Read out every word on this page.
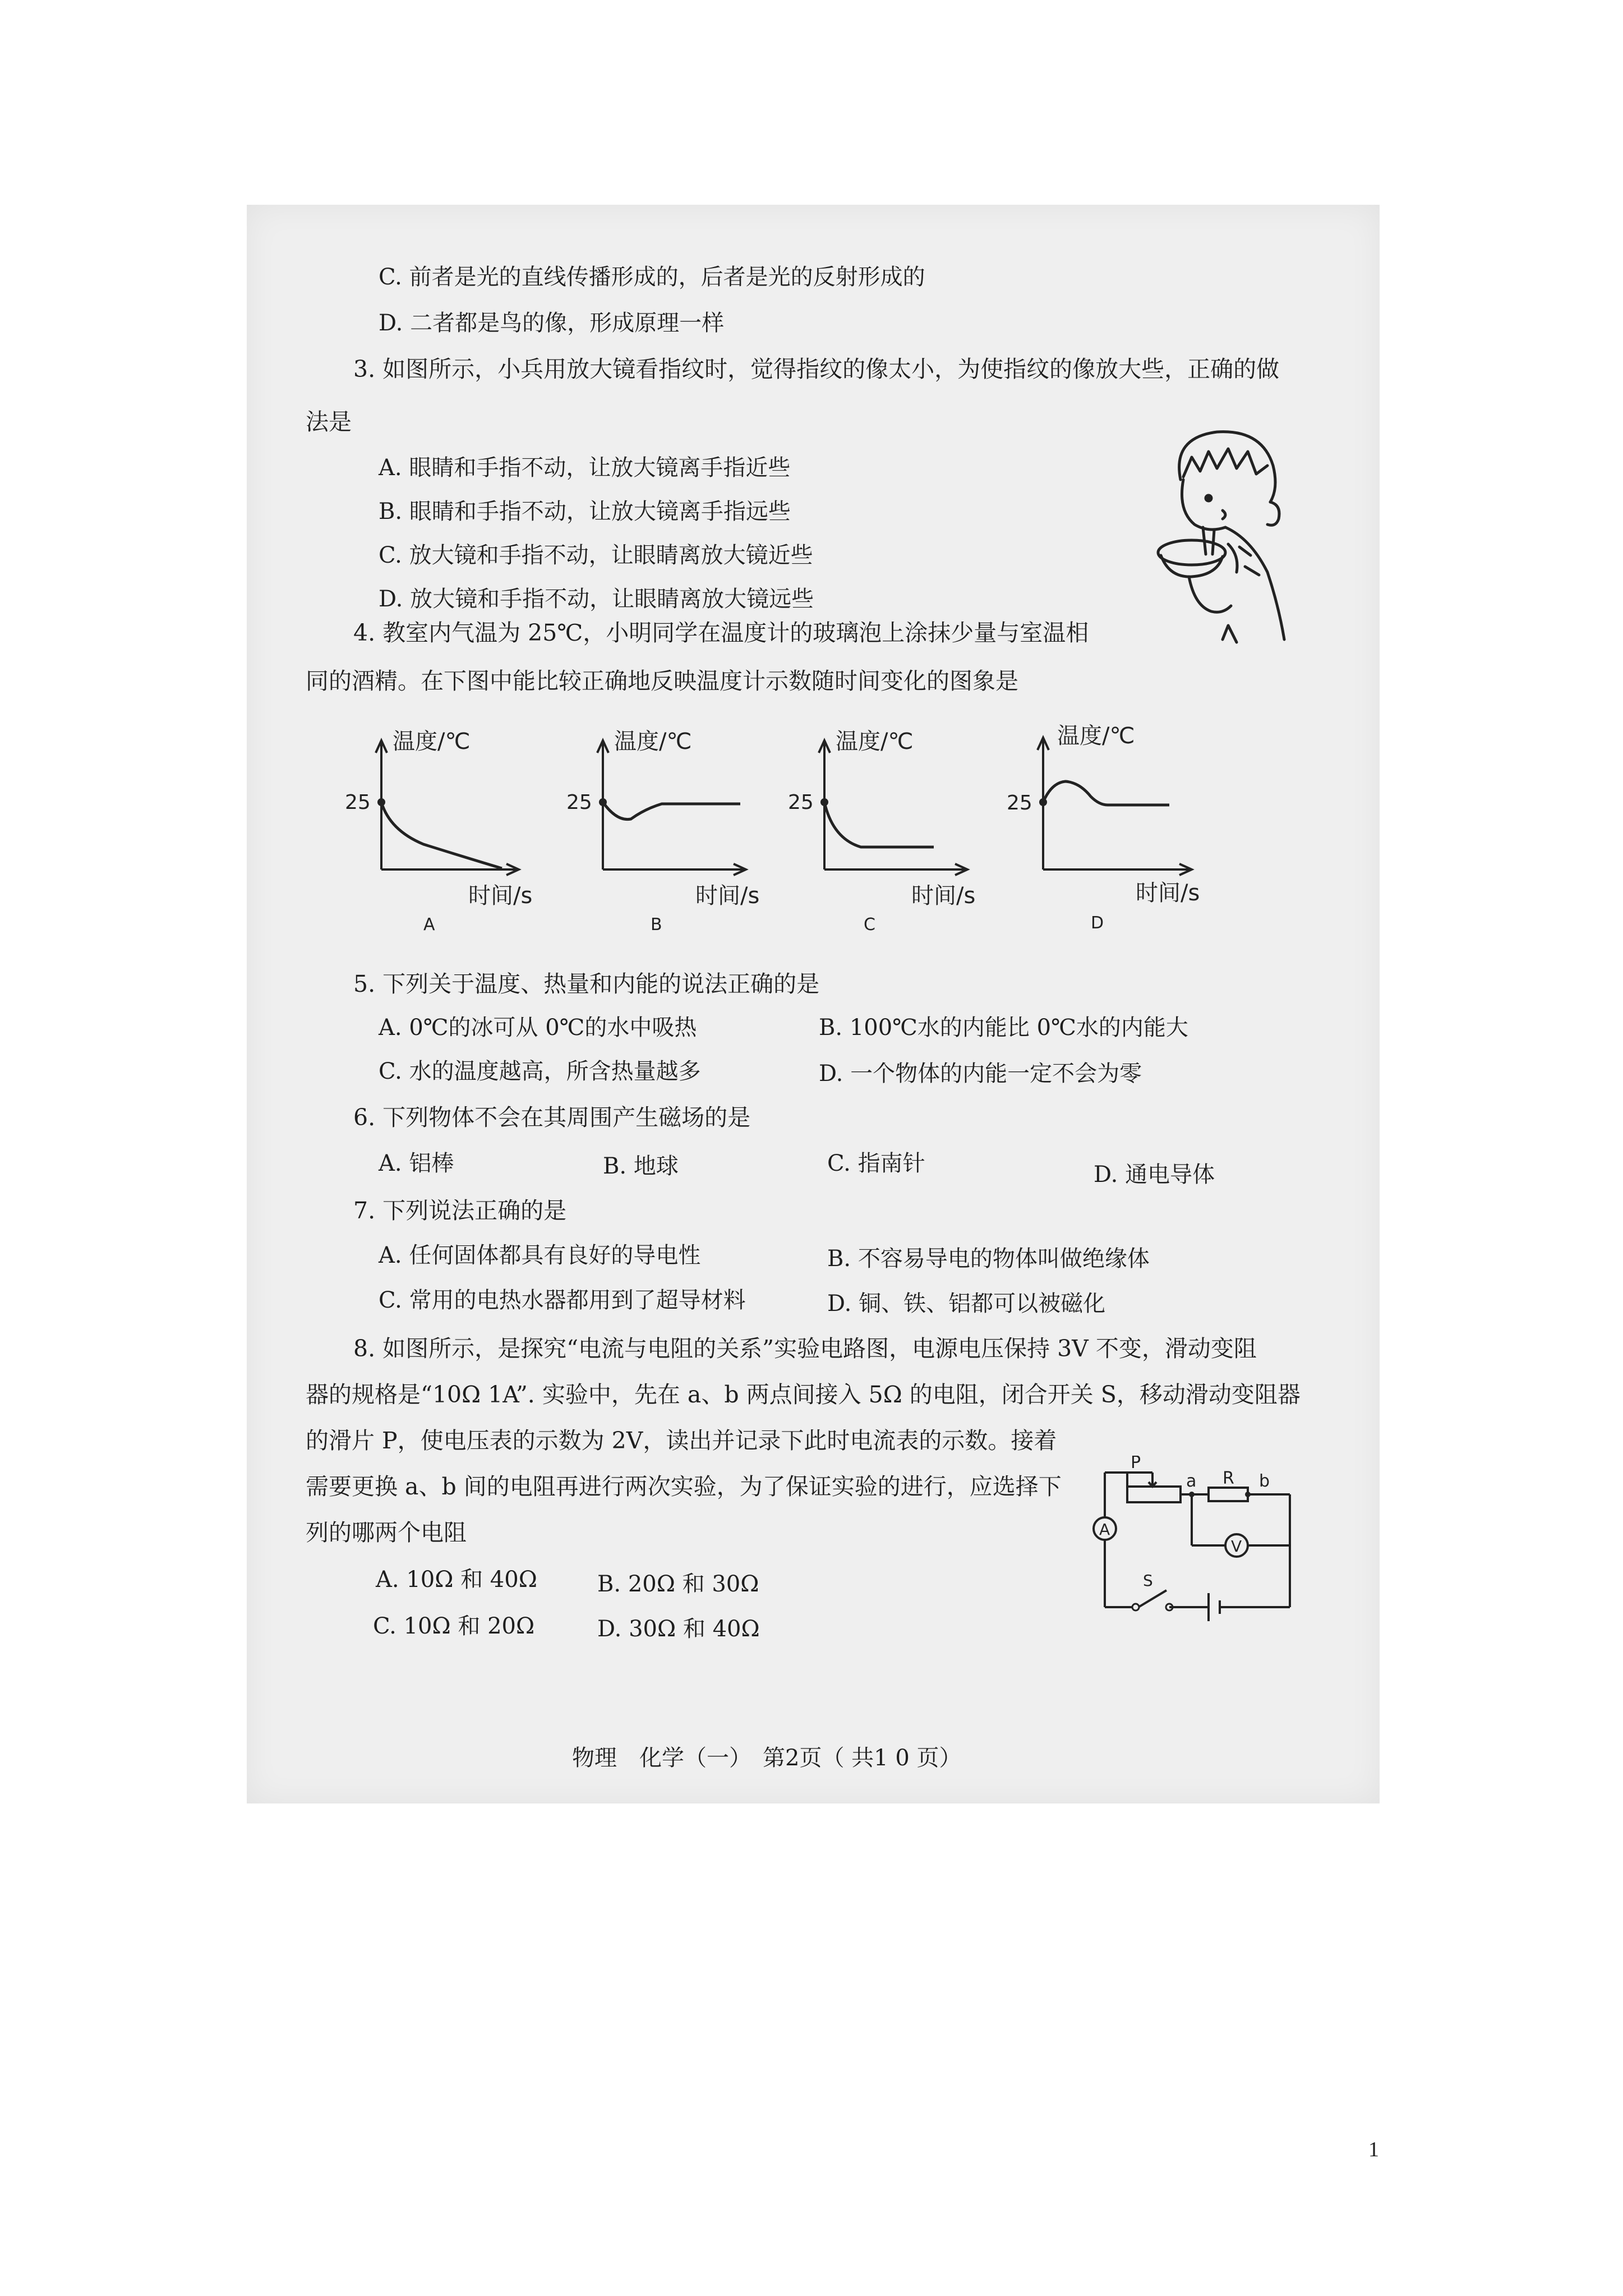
C. 前者是光的直线传播形成的，后者是光的反射形成的
D. 二者都是鸟的像，形成原理一样
3. 如图所示，小兵用放大镜看指纹时，觉得指纹的像太小，为使指纹的像放大些，正确的做
法是
A. 眼睛和手指不动，让放大镜离手指近些
B. 眼睛和手指不动，让放大镜离手指远些
C. 放大镜和手指不动，让眼睛离放大镜近些
D. 放大镜和手指不动，让眼睛离放大镜远些
4. 教室内气温为 25℃，小明同学在温度计的玻璃泡上涂抹少量与室温相
同的酒精。在下图中能比较正确地反映温度计示数随时间变化的图象是
温度/℃
25
时间/s
A
温度/℃
25
时间/s
B
温度/℃
25
时间/s
C
温度/℃
25
时间/s
D
5. 下列关于温度、热量和内能的说法正确的是
A. 0℃的冰可从 0℃的水中吸热	B. 100℃水的内能比 0℃水的内能大
C. 水的温度越高，所含热量越多	D. 一个物体的内能一定不会为零
6. 下列物体不会在其周围产生磁场的是
A. 铝棒	B. 地球	C. 指南针	D. 通电导体
7. 下列说法正确的是
A. 任何固体都具有良好的导电性	B. 不容易导电的物体叫做绝缘体
C. 常用的电热水器都用到了超导材料	D. 铜、铁、铝都可以被磁化
8. 如图所示，是探究“电流与电阻的关系”实验电路图，电源电压保持 3V 不变，滑动变阻
器的规格是“10Ω 1A”. 实验中，先在 a、b 两点间接入 5Ω 的电阻，闭合开关 S，移动滑动变阻器
的滑片 P，使电压表的示数为 2V，读出并记录下此时电流表的示数。接着
需要更换 a、b 间的电阻再进行两次实验，为了保证实验的进行，应选择下
列的哪两个电阻
A. 10Ω 和 40Ω	B. 20Ω 和 30Ω
C. 10Ω 和 20Ω	D. 30Ω 和 40Ω
P
a R b
A
V
S
物理　化学（一）　第2页（ 共1 0 页）
1
